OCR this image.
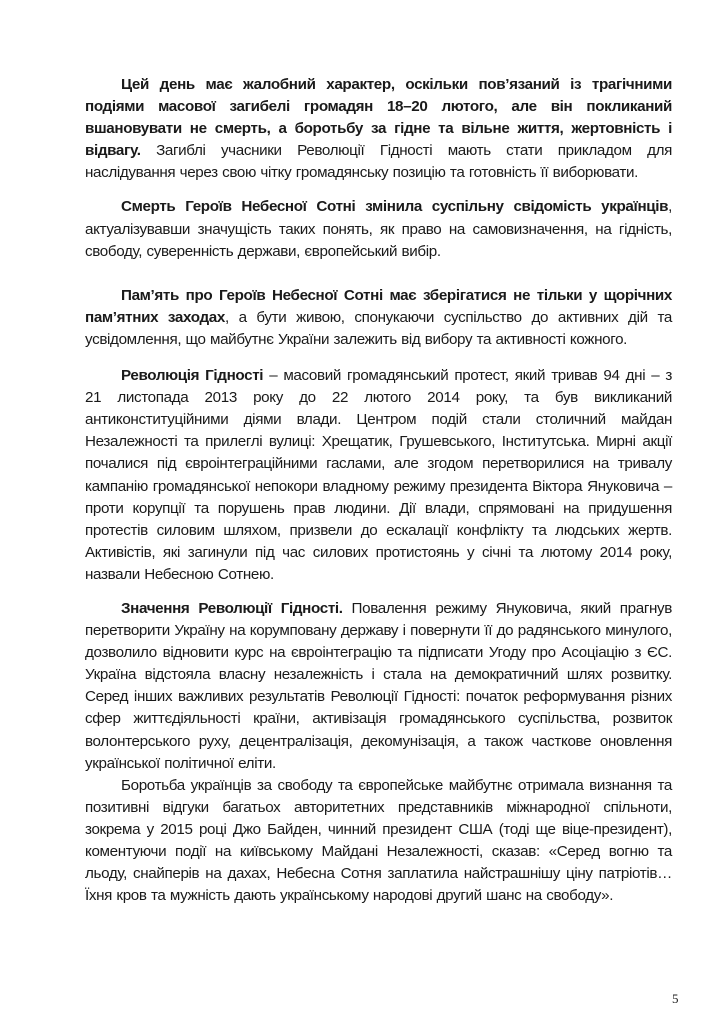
Цей день має жалобний характер, оскільки пов’язаний із трагічними подіями масової загибелі громадян 18–20 лютого, але він покликаний вшановувати не смерть, а боротьбу за гідне та вільне життя, жертовність і відвагу. Загиблі учасники Революції Гідності мають стати прикладом для наслідування через свою чітку громадянську позицію та готовність її виборювати.

Смерть Героїв Небесної Сотні змінила суспільну свідомість українців, актуалізувавши значущість таких понять, як право на самовизначення, на гідність, свободу, суверенність держави, європейський вибір.

Пам’ять про Героїв Небесної Сотні має зберігатися не тільки у щорічних пам’ятних заходах, а бути живою, спонукаючи суспільство до активних дій та усвідомлення, що майбутнє України залежить від вибору та активності кожного.

Революція Гідності – масовий громадянський протест, який тривав 94 дні – з 21 листопада 2013 року до 22 лютого 2014 року, та був викликаний антиконституційними діями влади. Центром подій стали столичний майдан Незалежності та прилеглі вулиці: Хрещатик, Грушевського, Інститутська. Мирні акції почалися під євроінтеграційними гаслами, але згодом перетворилися на тривалу кампанію громадянської непокори владному режиму президента Віктора Януковича – проти корупції та порушень прав людини. Дії влади, спрямовані на придушення протестів силовим шляхом, призвели до ескалації конфлікту та людських жертв. Активістів, які загинули під час силових протистоянь у січні та лютому 2014 року, назвали Небесною Сотнею.

Значення Революції Гідності. Повалення режиму Януковича, який прагнув перетворити Україну на корумповану державу і повернути її до радянського минулого, дозволило відновити курс на євроінтеграцію та підписати Угоду про Асоціацію з ЄС. Україна відстояла власну незалежність і стала на демократичний шлях розвитку. Серед інших важливих результатів Революції Гідності: початок реформування різних сфер життєдіяльності країни, активізація громадянського суспільства, розвиток волонтерського руху, децентралізація, декомунізація, а також часткове оновлення української політичної еліти.

Боротьба українців за свободу та європейське майбутнє отримала визнання та позитивні відгуки багатьох авторитетних представників міжнародної спільноти, зокрема у 2015 році Джо Байден, чинний президент США (тоді ще віце-президент), коментуючи події на київському Майдані Незалежності, сказав: «Серед вогню та льоду, снайперів на дахах, Небесна Сотня заплатила найстрашнішу ціну патріотів… Їхня кров та мужність дають українському народові другий шанс на свободу».

5
